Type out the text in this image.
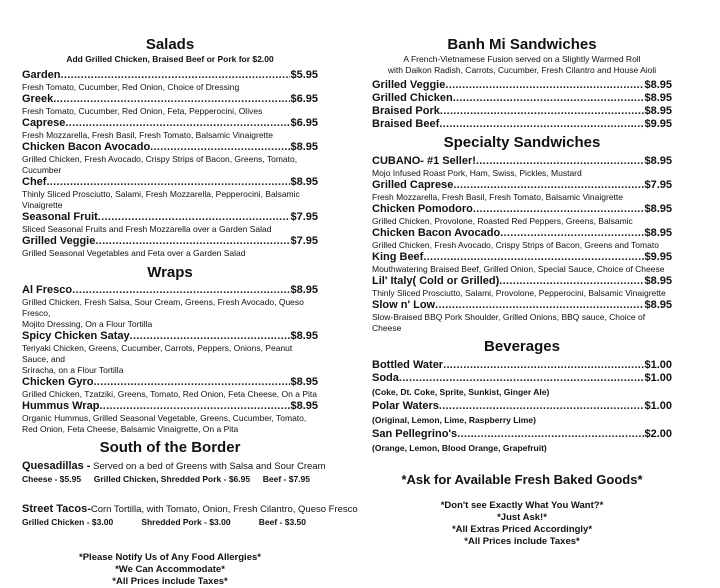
Salads
Add Grilled Chicken, Braised Beef or Pork for $2.00
Garden .....	$5.95
Fresh Tomato, Cucumber, Red Onion, Choice of Dressing
Greek .....	$6.95
Fresh Tomato, Cucumber, Red Onion, Feta, Pepperocini, Olives
Caprese .....	$6.95
Fresh Mozzarella, Fresh Basil, Fresh Tomato, Balsamic Vinaigrette
Chicken Bacon Avocado .....	$8.95
Grilled Chicken, Fresh Avocado, Crispy Strips of Bacon, Greens, Tomato, Cucumber
Chef .....	$8.95
Thinly Sliced Prosciutto, Salami, Fresh Mozzarella, Pepperocini, Balsamic Vinaigrette
Seasonal Fruit .....	$7.95
Sliced Seasonal Fruits and Fresh Mozzarella over a Garden Salad
Grilled Veggie .....	$7.95
Grilled Seasonal Vegetables and Feta over a Garden Salad
Wraps
Al Fresco .....	$8.95
Grilled Chicken, Fresh Salsa, Sour Cream, Greens, Fresh Avocado, Queso Fresco,
Mojito Dressing, On a Flour Tortilla
Spicy Chicken Satay .....	$8.95
Teriyaki Chicken, Greens, Cucumber, Carrots, Peppers, Onions, Peanut Sauce, and
Sriracha, on a Flour Tortilla
Chicken Gyro .....	$8.95
Grilled Chicken, Tzatziki, Greens, Tomato, Red Onion, Feta Cheese, On a Pita
Hummus Wrap .....	$8.95
Organic Hummus, Grilled Seasonal Vegetable, Greens, Cucumber, Tomato,
Red Onion, Feta Cheese, Balsamic Vinaigrette, On a Pita
South of the Border
Quesadillas - Served on a bed of Greens with Salsa and Sour Cream
Cheese - $5.95 Grilled Chicken, Shredded Pork - $6.95 Beef - $7.95
Street Tacos-Corn Tortilla, with Tomato, Onion, Fresh Cilantro, Queso Fresco
Grilled Chicken - $3.00	Shredded Pork - $3.00	Beef - $3.50
*Please Notify Us of Any Food Allergies*
*We Can Accommodate*
*All Prices include Taxes*
Banh Mi Sandwiches
A French-Vietnamese Fusion served on a Slightly Warmed Roll
with Daikon Radish, Carrots, Cucumber, Fresh Cilantro and House Aioli
Grilled Veggie .....	$8.95
Grilled Chicken .....	$8.95
Braised Pork .....	$8.95
Braised Beef .....	$9.95
Specialty Sandwiches
CUBANO- #1 Seller! .....	$8.95
Mojo Infused Roast Pork, Ham, Swiss, Pickles, Mustard
Grilled Caprese .....	$7.95
Fresh Mozzarella, Fresh Basil, Fresh Tomato, Balsamic Vinaigrette
Chicken Pomodoro .....	$8.95
Grilled Chicken, Provolone, Roasted Red Peppers, Greens, Balsamic
Chicken Bacon Avocado .....	$8.95
Grilled Chicken, Fresh Avocado, Crispy Strips of Bacon, Greens and Tomato
King Beef .....	$9.95
Mouthwatering Braised Beef, Grilled Onion, Special Sauce, Choice of Cheese
Lil' Italy( Cold or Grilled) .....	$8.95
Thinly Sliced Prosciutto, Salami, Provolone, Pepperocini, Balsamic Vinaigrette
Slow n' Low .....	$8.95
Slow-Braised BBQ Pork Shoulder, Grilled Onions, BBQ sauce, Choice of Cheese
Beverages
Bottled Water .....	$1.00
Soda .....	$1.00
(Coke, Dt. Coke, Sprite, Sunkist, Ginger Ale)
Polar Waters .....	$1.00
(Original, Lemon, Lime, Raspberry Lime)
San Pellegrino's .....	$2.00
(Orange, Lemon, Blood Orange, Grapefruit)
*Ask for Available Fresh Baked Goods*
*Don't see Exactly What You Want?*
*Just Ask!*
*All Extras Priced Accordingly*
*All Prices include Taxes*
